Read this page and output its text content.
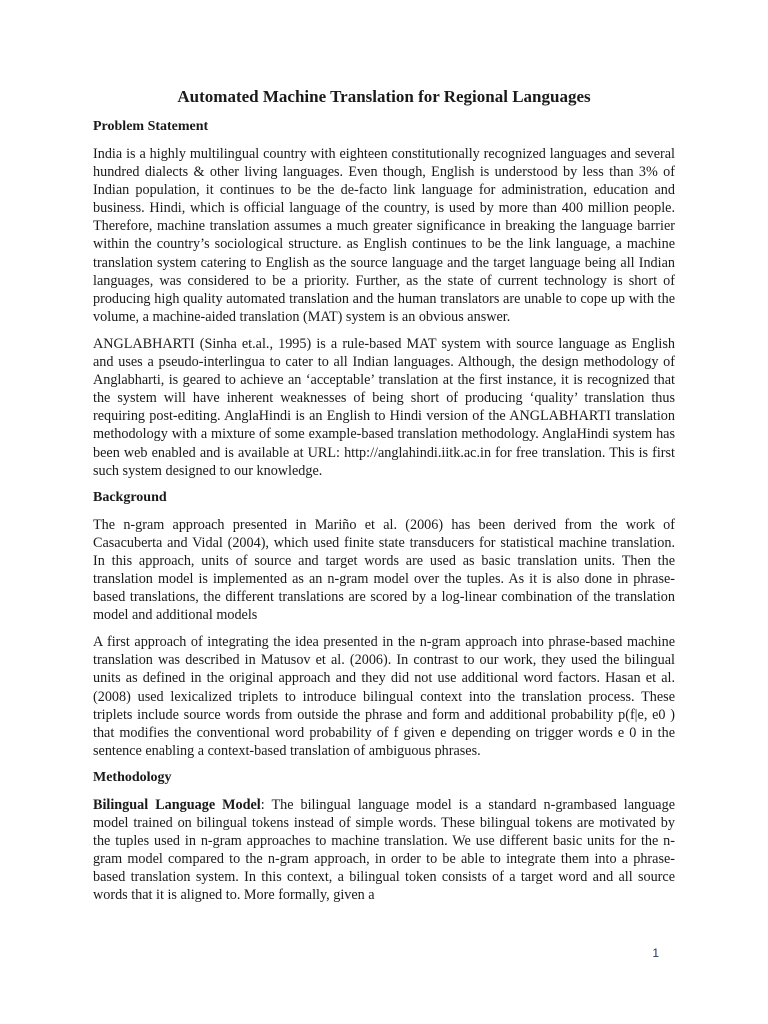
Automated Machine Translation for Regional Languages
Problem Statement

India is a highly multilingual country with eighteen constitutionally recognized languages and several hundred dialects & other living languages. Even though, English is understood by less than 3% of Indian population, it continues to be the de-facto link language for administration, education and business. Hindi, which is official language of the country, is used by more than 400 million people. Therefore, machine translation assumes a much greater significance in breaking the language barrier within the country’s sociological structure. as English continues to be the link language, a machine translation system catering to English as the source language and the target language being all Indian languages, was considered to be a priority. Further, as the state of current technology is short of producing high quality automated translation and the human translators are unable to cope up with the volume, a machine-aided translation (MAT) system is an obvious answer.

ANGLABHARTI (Sinha et.al., 1995) is a rule-based MAT system with source language as English and uses a pseudo-interlingua to cater to all Indian languages. Although, the design methodology of Anglabharti, is geared to achieve an ‘acceptable’ translation at the first instance, it is recognized that the system will have inherent weaknesses of being short of producing ‘quality’ translation thus requiring post-editing. AnglaHindi is an English to Hindi version of the ANGLABHARTI translation methodology with a mixture of some example-based translation methodology. AnglaHindi system has been web enabled and is available at URL: http://anglahindi.iitk.ac.in for free translation. This is first such system designed to our knowledge.

Background

The n-gram approach presented in Mariño et al. (2006) has been derived from the work of Casacuberta and Vidal (2004), which used finite state transducers for statistical machine translation. In this approach, units of source and target words are used as basic translation units. Then the translation model is implemented as an n-gram model over the tuples. As it is also done in phrase-based translations, the different translations are scored by a log-linear combination of the translation model and additional models

A first approach of integrating the idea presented in the n-gram approach into phrase-based machine translation was described in Matusov et al. (2006). In contrast to our work, they used the bilingual units as defined in the original approach and they did not use additional word factors. Hasan et al. (2008) used lexicalized triplets to introduce bilingual context into the translation process. These triplets include source words from outside the phrase and form and additional probability p(f|e, e0 ) that modifies the conventional word probability of f given e depending on trigger words e 0 in the sentence enabling a context-based translation of ambiguous phrases.

Methodology

Bilingual Language Model: The bilingual language model is a standard n-grambased language model trained on bilingual tokens instead of simple words. These bilingual tokens are motivated by the tuples used in n-gram approaches to machine translation. We use different basic units for the n-gram model compared to the n-gram approach, in order to be able to integrate them into a phrase-based translation system. In this context, a bilingual token consists of a target word and all source words that it is aligned to. More formally, given a

1
